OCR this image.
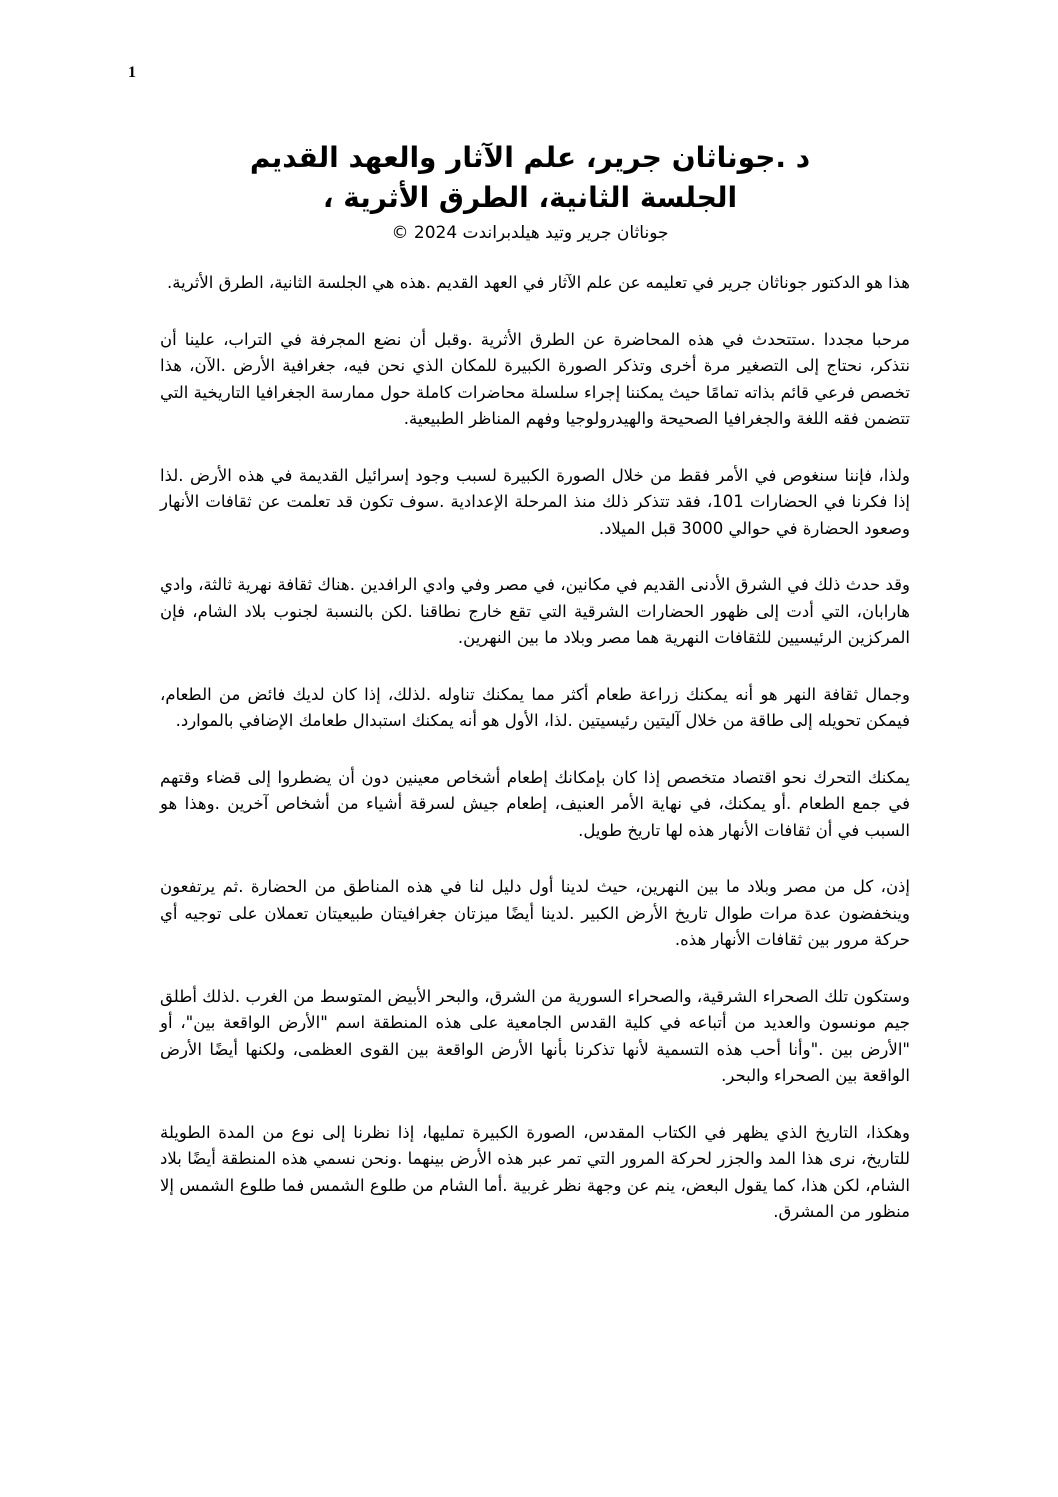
1

د .جوناثان جرير، علم الآثار والعهد القديم

الجلسة الثانية، الطرق الأثرية ،

جوناثان جرير وتيد هيلدبراندت 2024 ©

هذا هو الدكتور جوناثان جرير في تعليمه عن علم الآثار في العهد القديم .هذه هي الجلسة الثانية، الطرق الأثرية.

مرحبا مجددا .ستتحدث في هذه المحاضرة عن الطرق الأثرية .وقبل أن نضع المجرفة في التراب، علينا أن نتذكر، نحتاج إلى التصغير مرة أخرى وتذكر الصورة الكبيرة للمكان الذي نحن فيه، جغرافية الأرض .الآن، هذا تخصص فرعي قائم بذاته تمامًا حيث يمكننا إجراء سلسلة محاضرات كاملة حول ممارسة الجغرافيا التاريخية التي تتضمن فقه اللغة والجغرافيا الصحيحة والهيدرولوجيا وفهم المناظر الطبيعية.

ولذا، فإننا سنغوص في الأمر فقط من خلال الصورة الكبيرة لسبب وجود إسرائيل القديمة في هذه الأرض .لذا إذا فكرنا في الحضارات 101، فقد تتذكر ذلك منذ المرحلة الإعدادية .سوف تكون قد تعلمت عن ثقافات الأنهار وصعود الحضارة في حوالي 3000 قبل الميلاد.

وقد حدث ذلك في الشرق الأدنى القديم في مكانين، في مصر وفي وادي الرافدين .هناك ثقافة نهرية ثالثة، وادي هارابان، التي أدت إلى ظهور الحضارات الشرقية التي تقع خارج نطاقنا .لكن بالنسبة لجنوب بلاد الشام، فإن المركزين الرئيسيين للثقافات النهرية هما مصر وبلاد ما بين النهرين.

وجمال ثقافة النهر هو أنه يمكنك زراعة طعام أكثر مما يمكنك تناوله .لذلك، إذا كان لديك فائض من الطعام، فيمكن تحويله إلى طاقة من خلال آليتين رئيسيتين .لذا، الأول هو أنه يمكنك استبدال طعامك الإضافي بالموارد.

يمكنك التحرك نحو اقتصاد متخصص إذا كان بإمكانك إطعام أشخاص معينين دون أن يضطروا إلى قضاء وقتهم في جمع الطعام .أو يمكنك، في نهاية الأمر العنيف، إطعام جيش لسرقة أشياء من أشخاص آخرين .وهذا هو السبب في أن ثقافات الأنهار هذه لها تاريخ طويل.

إذن، كل من مصر وبلاد ما بين النهرين، حيث لدينا أول دليل لنا في هذه المناطق من الحضارة .ثم يرتفعون وينخفضون عدة مرات طوال تاريخ الأرض الكبير .لدينا أيضًا ميزتان جغرافيتان طبيعيتان تعملان على توجيه أي حركة مرور بين ثقافات الأنهار هذه.

وستكون تلك الصحراء الشرقية، والصحراء السورية من الشرق، والبحر الأبيض المتوسط من الغرب .لذلك أطلق جيم مونسون والعديد من أتباعه في كلية القدس الجامعية على هذه المنطقة اسم "الأرض الواقعة بين"، أو "الأرض بين ."وأنا أحب هذه التسمية لأنها تذكرنا بأنها الأرض الواقعة بين القوى العظمى، ولكنها أيضًا الأرض الواقعة بين الصحراء والبحر.

وهكذا، التاريخ الذي يظهر في الكتاب المقدس، الصورة الكبيرة تمليها، إذا نظرنا إلى نوع من المدة الطويلة للتاريخ، نرى هذا المد والجزر لحركة المرور التي تمر عبر هذه الأرض بينهما .ونحن نسمي هذه المنطقة أيضًا بلاد الشام، لكن هذا، كما يقول البعض، ينم عن وجهة نظر غربية .أما الشام من طلوع الشمس فما طلوع الشمس إلا منظور من المشرق.
